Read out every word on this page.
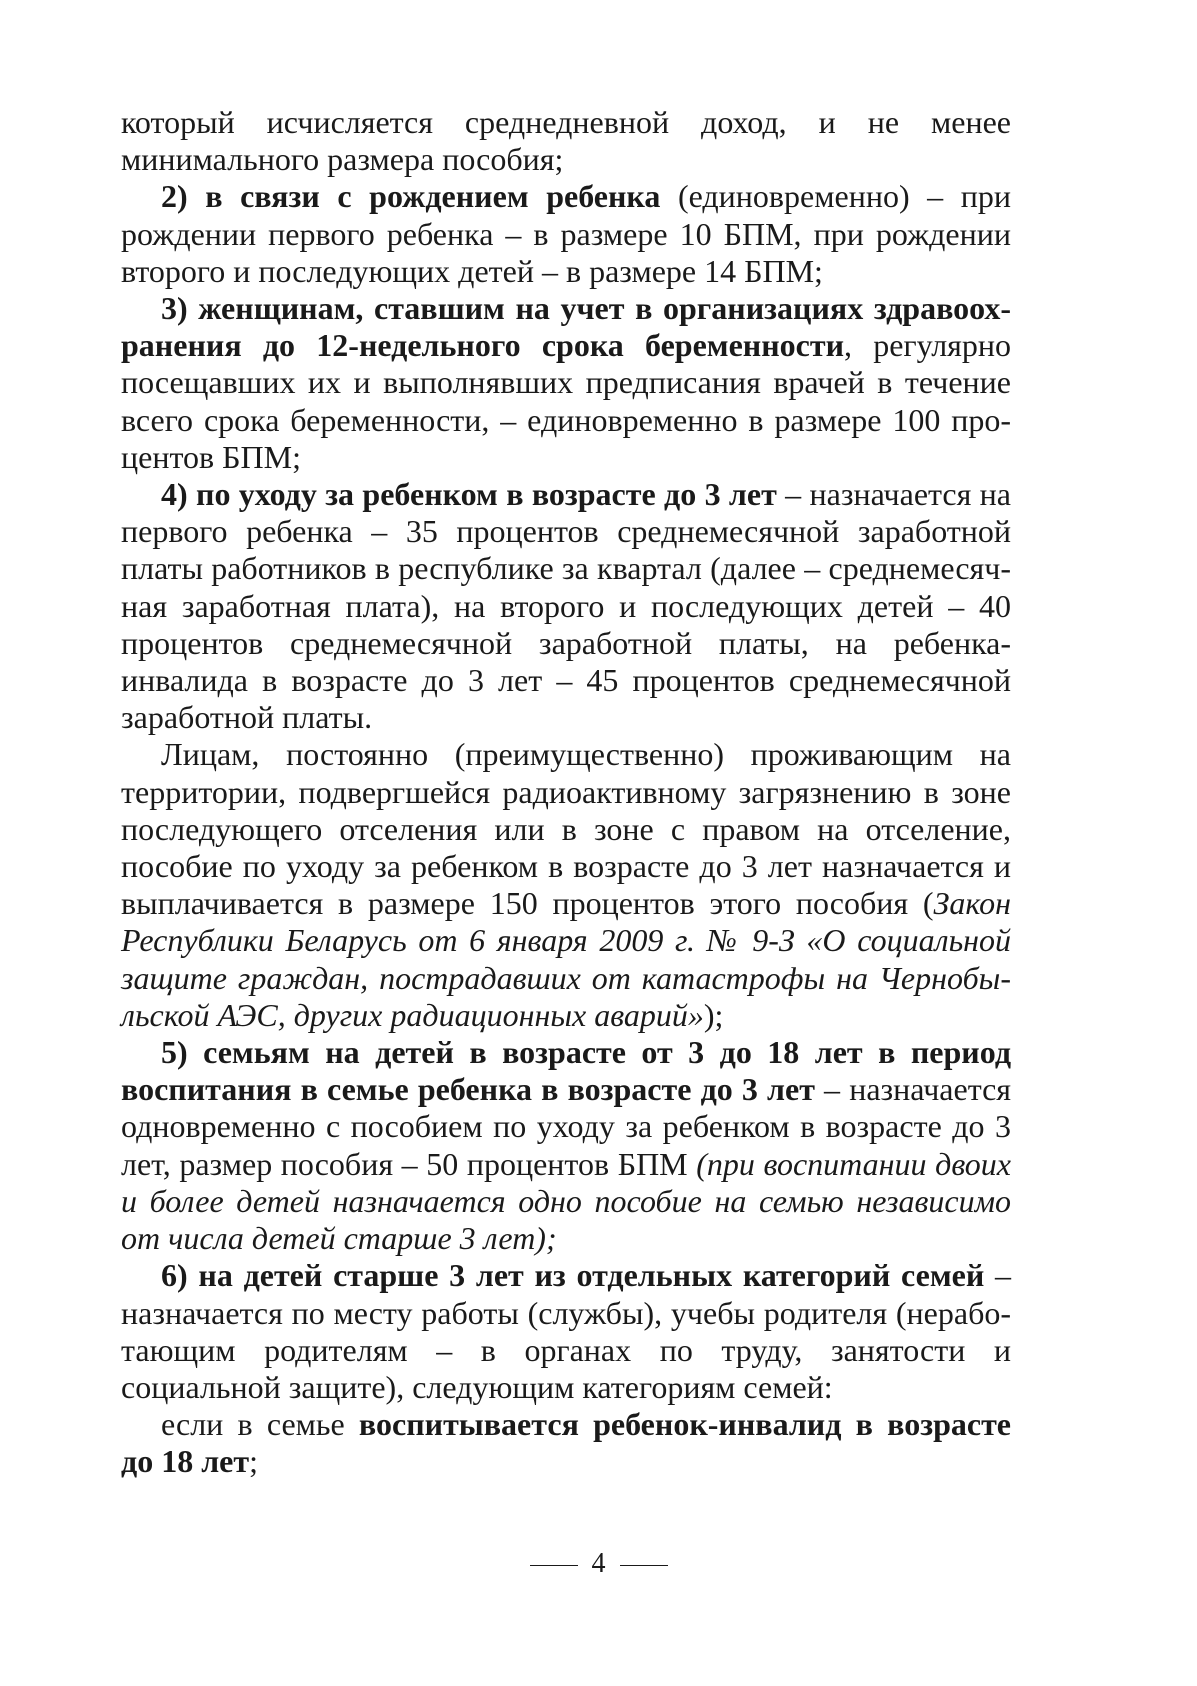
который исчисляется среднедневной доход, и не менее минимального размера пособия;

2) в связи с рождением ребенка (единовременно) – при рождении первого ребенка – в размере 10 БПМ, при рождении второго и последующих детей – в размере 14 БПМ;

3) женщинам, ставшим на учет в организациях здравоохранения до 12-недельного срока беременности, регулярно посещавших их и выполнявших предписания врачей в течение всего срока беременности, – единовременно в размере 100 процентов БПМ;

4) по уходу за ребенком в возрасте до 3 лет – назначается на первого ребенка – 35 процентов среднемесячной заработной платы работников в республике за квартал (далее – среднемесячная заработная плата), на второго и последующих детей – 40 процентов среднемесячной заработной платы, на ребенка-инвалида в возрасте до 3 лет – 45 процентов среднемесячной заработной платы.

Лицам, постоянно (преимущественно) проживающим на территории, подвергшейся радиоактивному загрязнению в зоне последующего отселения или в зоне с правом на отселение, пособие по уходу за ребенком в возрасте до 3 лет назначается и выплачивается в размере 150 процентов этого пособия (Закон Республики Беларусь от 6 января 2009 г. № 9-З «О социальной защите граждан, пострадавших от катастрофы на Чернобыльской АЭС, других радиационных аварий»);

5) семьям на детей в возрасте от 3 до 18 лет в период воспитания в семье ребенка в возрасте до 3 лет – назначается одновременно с пособием по уходу за ребенком в возрасте до 3 лет, размер пособия – 50 процентов БПМ (при воспитании двоих и более детей назначается одно пособие на семью независимо от числа детей старше 3 лет);

6) на детей старше 3 лет из отдельных категорий семей – назначается по месту работы (службы), учебы родителя (неработающим родителям – в органах по труду, занятости и социальной защите), следующим категориям семей:

если в семье воспитывается ребенок-инвалид в возрасте до 18 лет;

4
